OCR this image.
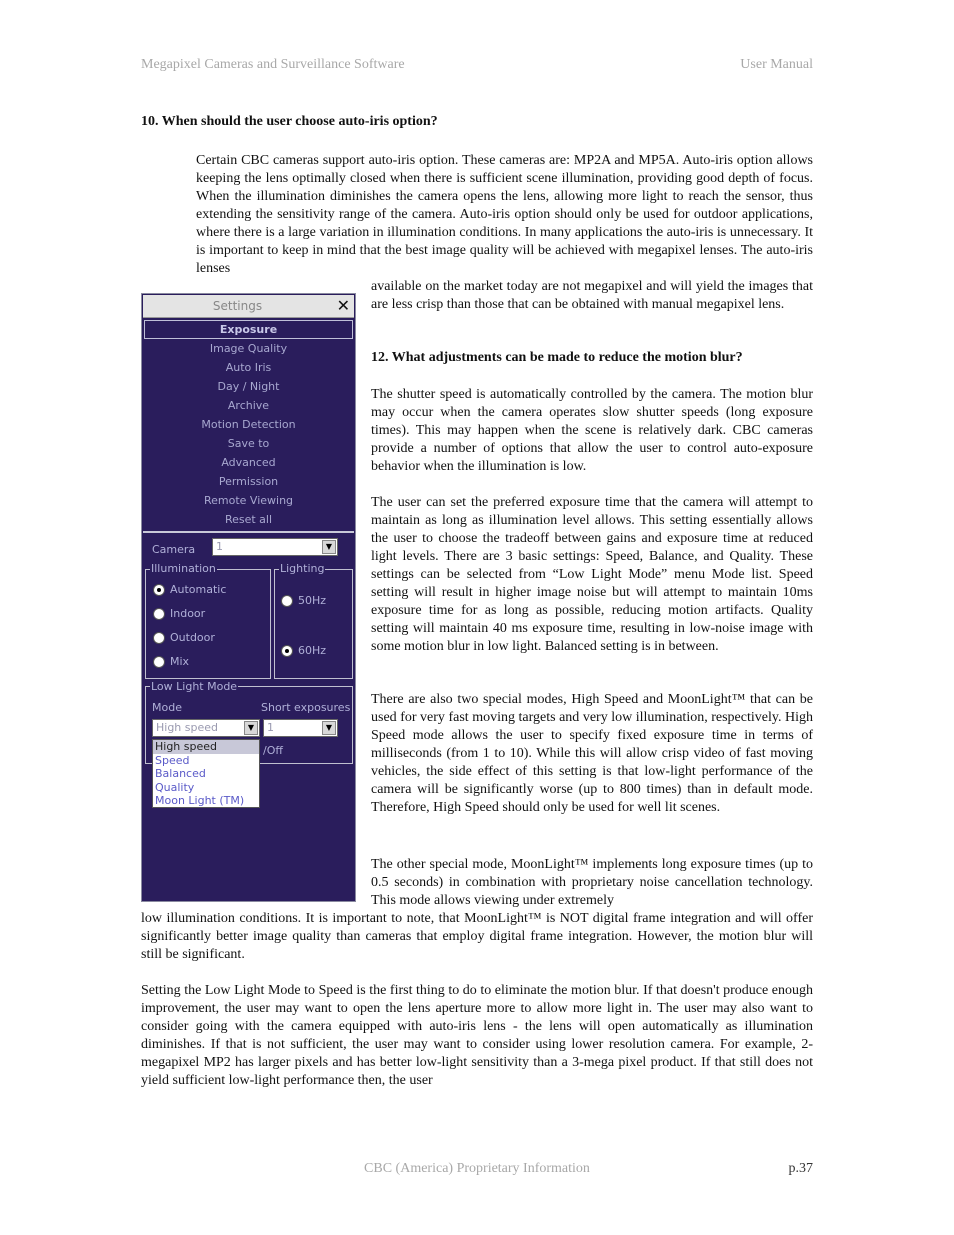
Megapixel Cameras and Surveillance Software	User Manual
10. When should the user choose auto-iris option?

Certain CBC cameras support auto-iris option. These cameras are: MP2A and MP5A. Auto-iris option allows keeping the lens optimally closed when there is sufficient scene illumination, providing good depth of focus. When the illumination diminishes the camera opens the lens, allowing more light to reach the sensor, thus extending the sensitivity range of the camera. Auto-iris option should only be used for outdoor applications, where there is a large variation in illumination conditions. In many applications the auto-iris is unnecessary. It is important to keep in mind that the best image quality will be achieved with megapixel lenses. The auto-iris lenses

available on the market today are not megapixel and will yield the images that are less crisp than those that can be obtained with manual megapixel lens.

12. What adjustments can be made to reduce the motion blur?

The shutter speed is automatically controlled by the camera. The motion blur may occur when the camera operates slow shutter speeds (long exposure times). This may happen when the scene is relatively dark. CBC cameras provide a number of options that allow the user to control auto-exposure behavior when the illumination is low.

The user can set the preferred exposure time that the camera will attempt to maintain as long as illumination level allows. This setting essentially allows the user to choose the tradeoff between gains and exposure time at reduced light levels. There are 3 basic settings: Speed, Balance, and Quality. These settings can be selected from “Low Light Mode” menu Mode list. Speed setting will result in higher image noise but will attempt to maintain 10ms exposure time for as long as possible, reducing motion artifacts. Quality setting will maintain 40 ms exposure time, resulting in low-noise image with some motion blur in low light. Balanced setting is in between.

There are also two special modes, High Speed and MoonLight™ that can be used for very fast moving targets and very low illumination, respectively. High Speed mode allows the user to specify fixed exposure time in terms of milliseconds (from 1 to 10). While this will allow crisp video of fast moving vehicles, the side effect of this setting is that low-light performance of the camera will be significantly worse (up to 800 times) than in default mode. Therefore, High Speed should only be used for well lit scenes.

The other special mode, MoonLight™ implements long exposure times (up to 0.5 seconds) in combination with proprietary noise cancellation technology. This mode allows viewing under extremely

low illumination conditions. It is important to note, that MoonLight™ is NOT digital frame integration and will offer significantly better image quality than cameras that employ digital frame integration. However, the motion blur will still be significant.

Setting the Low Light Mode to Speed is the first thing to do to eliminate the motion blur. If that doesn't produce enough improvement, the user may want to open the lens aperture more to allow more light in. The user may also want to consider going with the camera equipped with auto-iris lens - the lens will open automatically as illumination diminishes. If that is not sufficient, the user may want to consider using lower resolution camera. For example, 2-megapixel MP2 has larger pixels and has better low-light sensitivity than a 3-mega pixel product. If that still does not yield sufficient low-light performance then, the user

Settings	✕
Exposure
Image Quality
Auto Iris
Day / Night
Archive
Motion Detection
Save to
Advanced
Permission
Remote Viewing
Reset all
Camera	1	▼
Illumination
Automatic
Indoor
Outdoor
Mix
Lighting
50Hz
60Hz
Low Light Mode
Mode	Short exposures
High speed	▼	1	▼
/Off
High speed
Speed
Balanced
Quality
Moon Light (TM)
CBC (America) Proprietary Information	p.37
